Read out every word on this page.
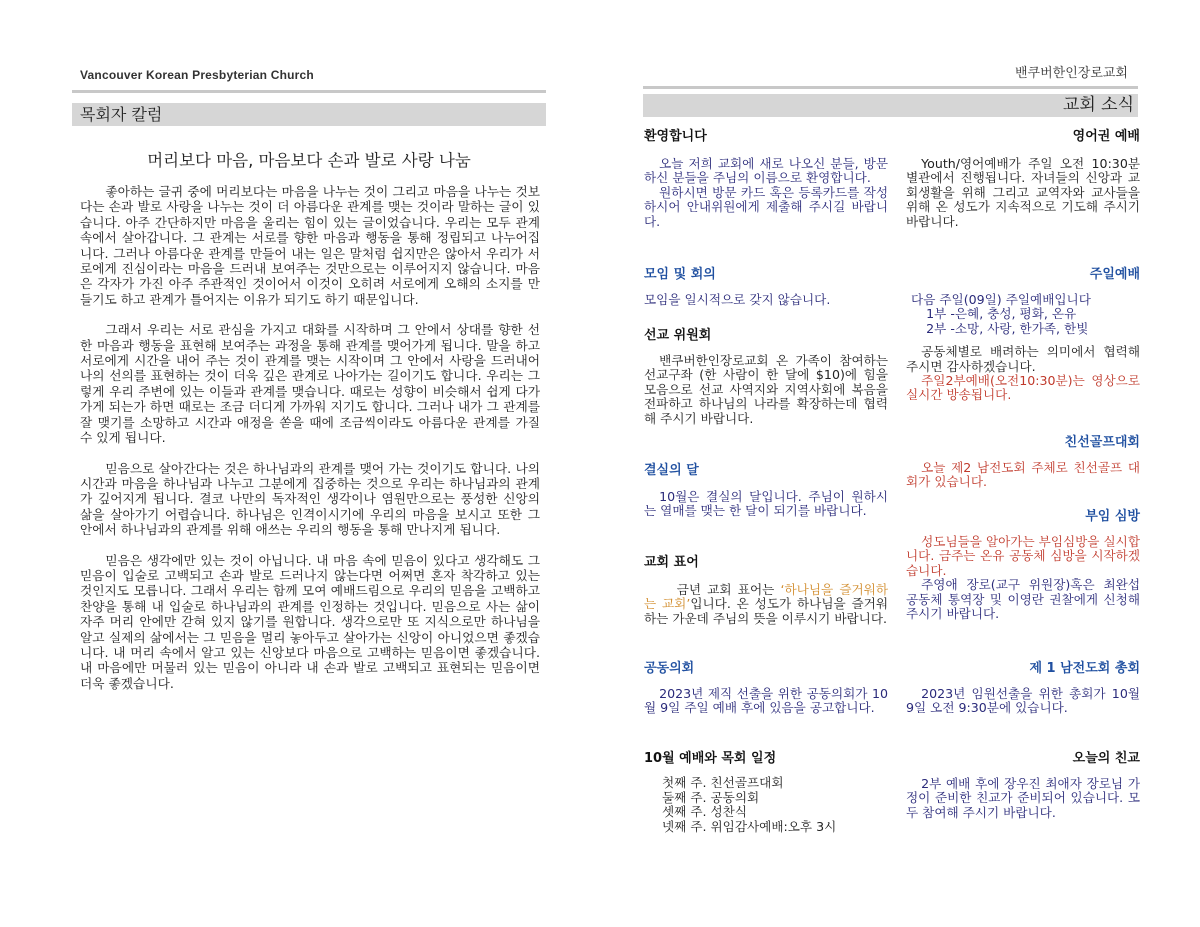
Vancouver Korean Presbyterian Church
목회자 칼럼
머리보다 마음, 마음보다 손과 발로 사랑 나눔

좋아하는 글귀 중에 머리보다는 마음을 나누는 것이 그리고 마음을 나누는 것보다는 손과 발로 사랑을 나누는 것이 더 아름다운 관계를 맺는 것이라 말하는 글이 있습니다. 아주 간단하지만 마음을 울리는 힘이 있는 글이었습니다. 우리는 모두 관계 속에서 살아갑니다. 그 관계는 서로를 향한 마음과 행동을 통해 정립되고 나누어집니다. 그러나 아름다운 관계를 만들어 내는 일은 말처럼 쉽지만은 않아서 우리가 서로에게 진심이라는 마음을 드러내 보여주는 것만으로는 이루어지지 않습니다. 마음은 각자가 가진 아주 주관적인 것이어서 이것이 오히려 서로에게 오해의 소지를 만들기도 하고 관계가 틀어지는 이유가 되기도 하기 때문입니다.

그래서 우리는 서로 관심을 가지고 대화를 시작하며 그 안에서 상대를 향한 선한 마음과 행동을 표현해 보여주는 과정을 통해 관계를 맺어가게 됩니다. 말을 하고 서로에게 시간을 내어 주는 것이 관계를 맺는 시작이며 그 안에서 사랑을 드러내어 나의 선의를 표현하는 것이 더욱 깊은 관계로 나아가는 길이기도 합니다. 우리는 그렇게 우리 주변에 있는 이들과 관계를 맺습니다. 때로는 성향이 비슷해서 쉽게 다가가게 되는가 하면 때로는 조금 더디게 가까워 지기도 합니다. 그러나 내가 그 관계를 잘 맺기를 소망하고 시간과 애정을 쏟을 때에 조금씩이라도 아름다운 관계를 가질 수 있게 됩니다.

믿음으로 살아간다는 것은 하나님과의 관계를 맺어 가는 것이기도 합니다. 나의 시간과 마음을 하나님과 나누고 그분에게 집중하는 것으로 우리는 하나님과의 관계가 깊어지게 됩니다. 결코 나만의 독자적인 생각이나 염원만으로는 풍성한 신앙의 삶을 살아가기 어렵습니다. 하나님은 인격이시기에 우리의 마음을 보시고 또한 그 안에서 하나님과의 관계를 위해 애쓰는 우리의 행동을 통해 만나지게 됩니다.

믿음은 생각에만 있는 것이 아닙니다. 내 마음 속에 믿음이 있다고 생각해도 그 믿음이 입술로 고백되고 손과 발로 드러나지 않는다면 어쩌면 혼자 착각하고 있는 것인지도 모릅니다. 그래서 우리는 함께 모여 예배드림으로 우리의 믿음을 고백하고 찬양을 통해 내 입술로 하나님과의 관계를 인정하는 것입니다. 믿음으로 사는 삶이 자주 머리 안에만 갇혀 있지 않기를 원합니다. 생각으로만 또 지식으로만 하나님을 알고 실제의 삶에서는 그 믿음을 멀리 놓아두고 살아가는 신앙이 아니었으면 좋겠습니다. 내 머리 속에서 알고 있는 신앙보다 마음으로 고백하는 믿음이면 좋겠습니다. 내 마음에만 머물러 있는 믿음이 아니라 내 손과 발로 고백되고 표현되는 믿음이면 더욱 좋겠습니다.

밴쿠버한인장로교회
교회 소식
환영합니다
오늘 저희 교회에 새로 나오신 분들, 방문하신 분들을 주님의 이름으로 환영합니다.
원하시면 방문 카드 혹은 등록카드를 작성하시어 안내위원에게 제출해 주시길 바랍니다.
모임 및 회의
모임을 일시적으로 갖지 않습니다.
선교 위원회
밴쿠버한인장로교회 온 가족이 참여하는 선교구좌 (한 사람이 한 달에 $10)에 힘을 모음으로 선교 사역지와 지역사회에 복음을 전파하고 하나님의 나라를 확장하는데 협력해 주시기 바랍니다.
결실의 달
10월은 결실의 달입니다. 주님이 원하시는 열매를 맺는 한 달이 되기를 바랍니다.
교회 표어
금년 교회 표어는 ‘하나님을 즐거워하는 교회’입니다. 온 성도가 하나님을 즐거워하는 가운데 주님의 뜻을 이루시기 바랍니다.
공동의회
2023년 제직 선출을 위한 공동의회가 10월 9일 주일 예배 후에 있음을 공고합니다.
10월 예배와 목회 일정
첫째 주. 친선골프대회
둘째 주. 공동의회
셋째 주. 성찬식
넷째 주. 위임감사예배:오후 3시
영어권 예배
Youth/영어예배가 주일 오전 10:30분 별관에서 진행됩니다. 자녀들의 신앙과 교회생활을 위해 그리고 교역자와 교사들을 위해 온 성도가 지속적으로 기도해 주시기 바랍니다.
주일예배
다음 주일(09일) 주일예배입니다
1부 -은혜, 충성, 평화, 온유
2부 -소망, 사랑, 한가족, 한빛
공동체별로 배려하는 의미에서 협력해 주시면 감사하겠습니다.
주일2부예배(오전10:30분)는 영상으로 실시간 방송됩니다.
친선골프대회
오늘 제2 남전도회 주체로 친선골프 대회가 있습니다.
부임 심방
성도님들을 알아가는 부임심방을 실시합니다. 금주는 온유 공동체 심방을 시작하겠습니다.
주영애 장로(교구 위원장)혹은 최완섭 공동체 통역장 및 이영란 권찰에게 신청해 주시기 바랍니다.
제 1 남전도회 총회
2023년 임원선출을 위한 총회가 10월 9일 오전 9:30분에 있습니다.
오늘의 친교
2부 예배 후에 장우진 최애자 장로님 가정이 준비한 친교가 준비되어 있습니다. 모두 참여해 주시기 바랍니다.
